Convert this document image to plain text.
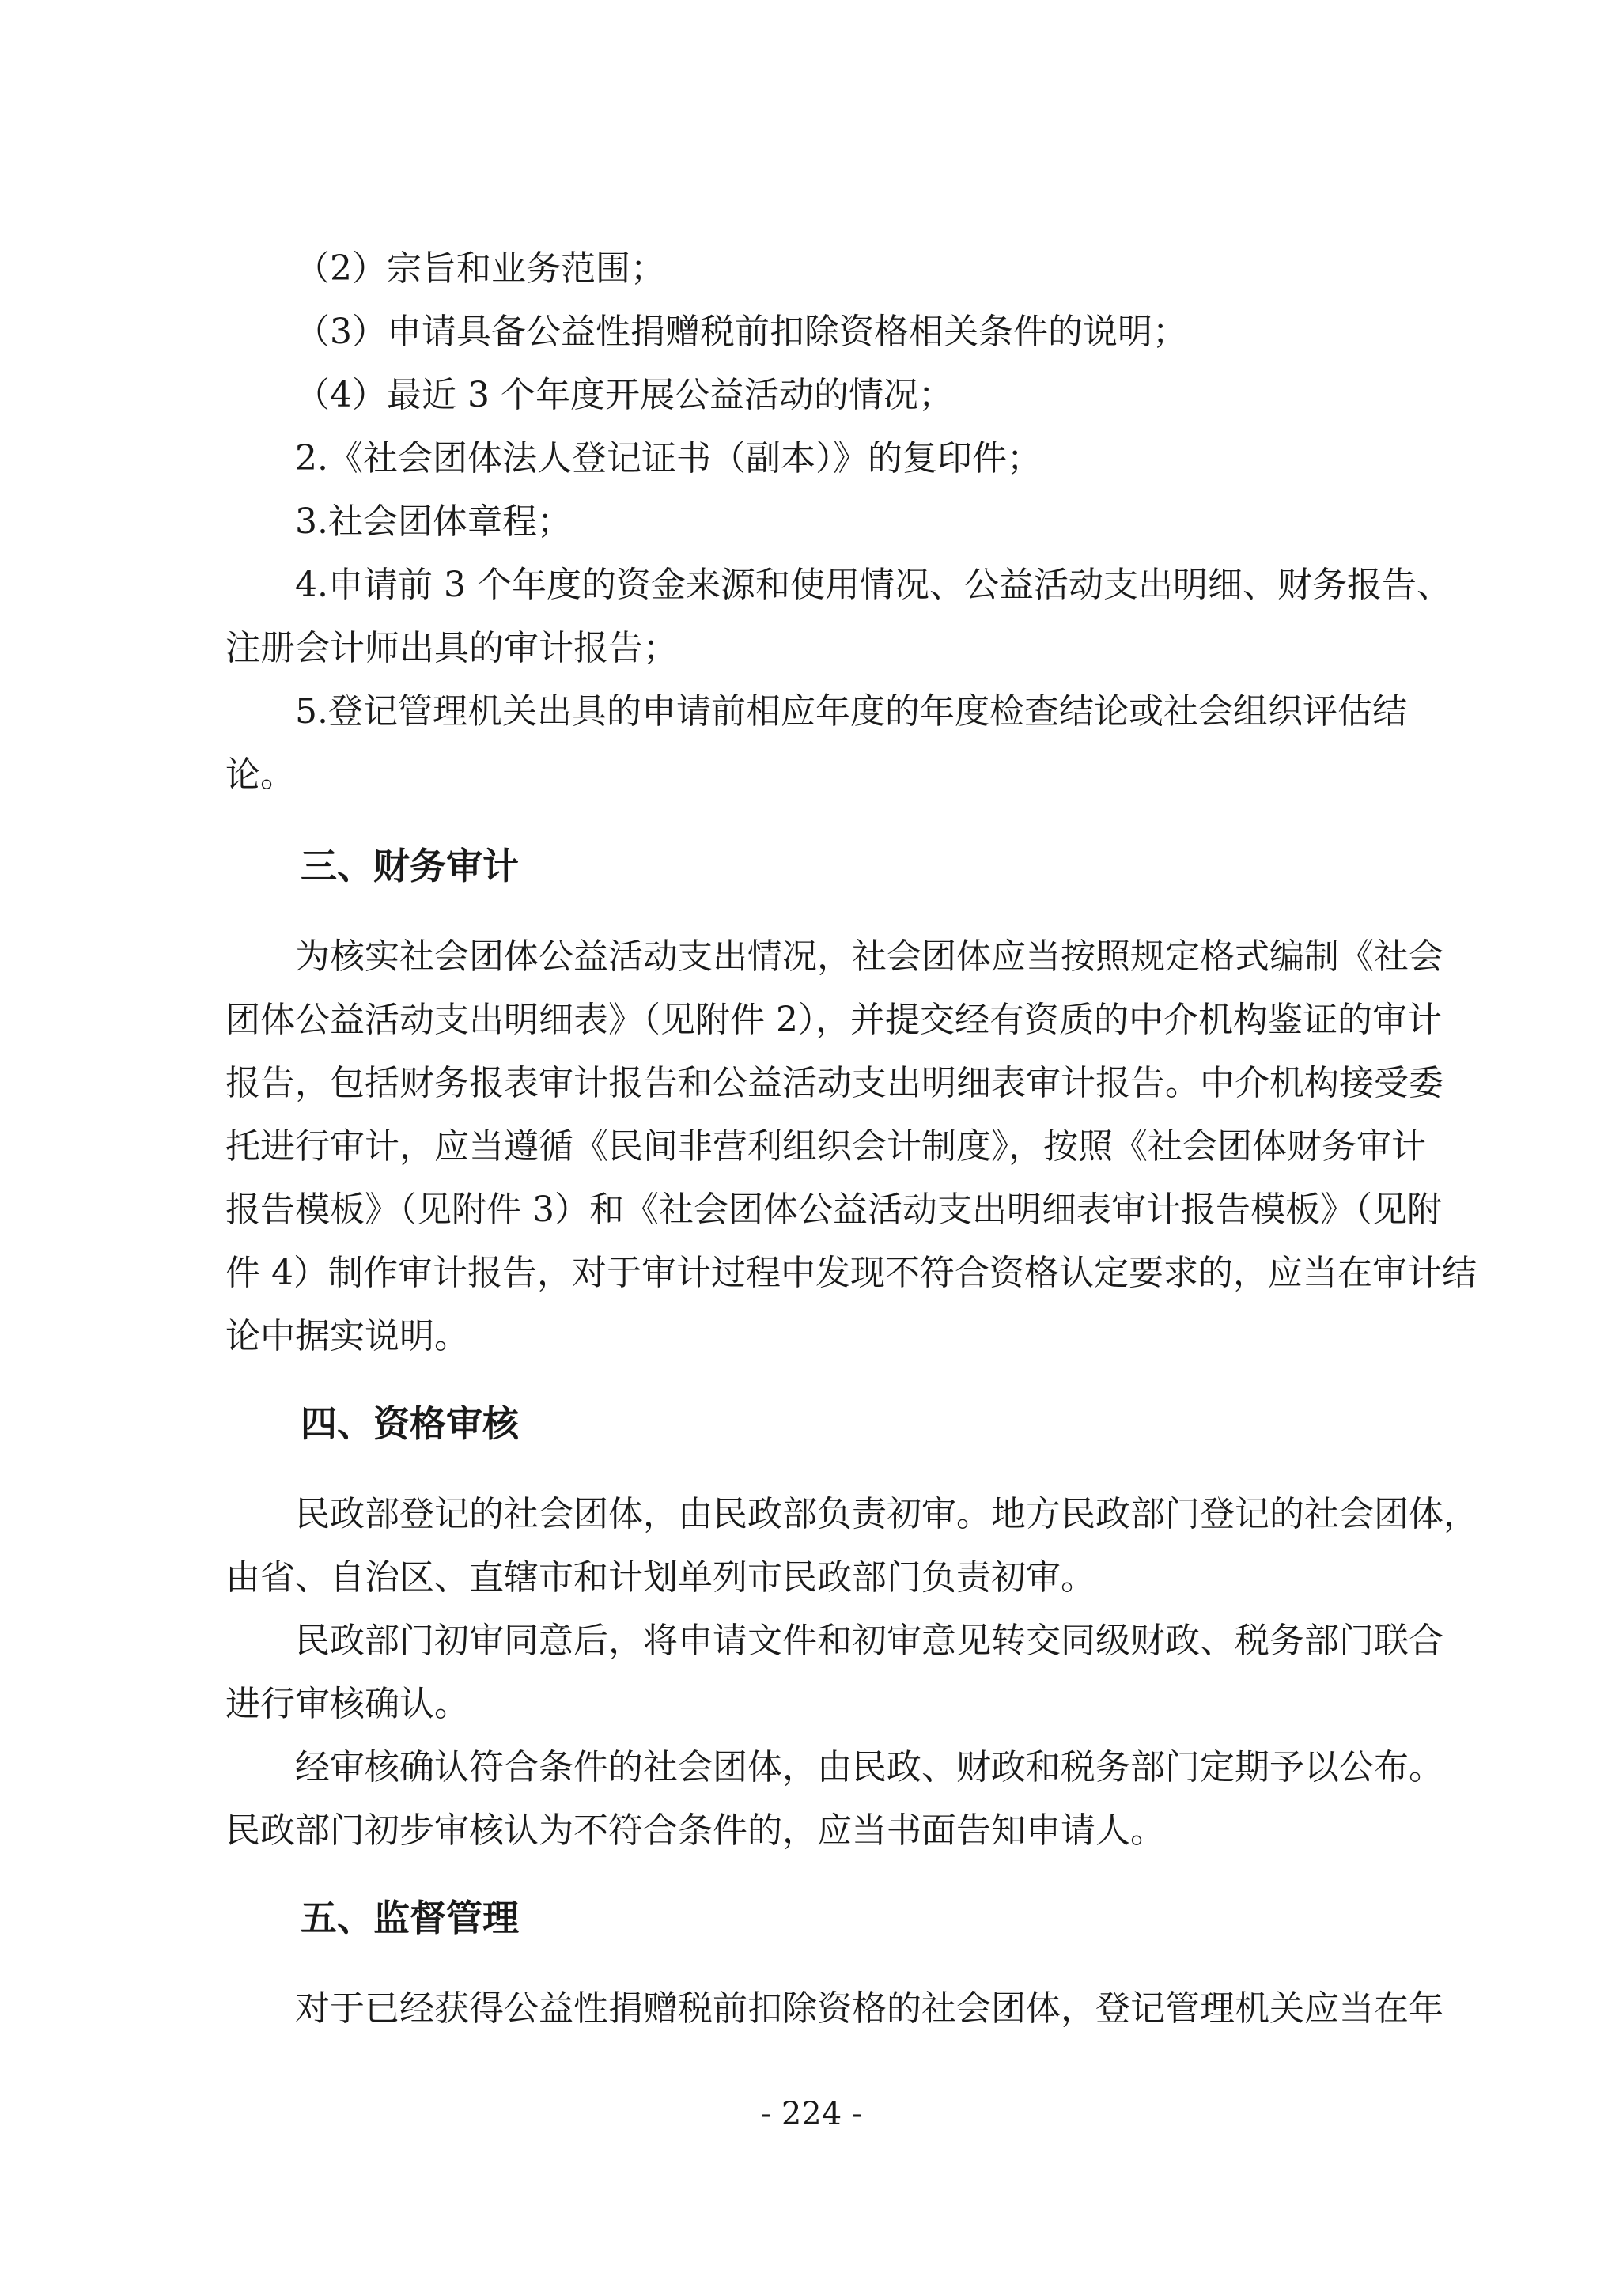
（2）宗旨和业务范围；
（3）申请具备公益性捐赠税前扣除资格相关条件的说明；
（4）最近 3 个年度开展公益活动的情况；
2.《社会团体法人登记证书（副本）》的复印件；
3.社会团体章程；
4.申请前 3 个年度的资金来源和使用情况、公益活动支出明细、财务报告、
注册会计师出具的审计报告；
5.登记管理机关出具的申请前相应年度的年度检查结论或社会组织评估结
论。
三、财务审计
为核实社会团体公益活动支出情况，社会团体应当按照规定格式编制《社会
团体公益活动支出明细表》（见附件 2），并提交经有资质的中介机构鉴证的审计
报告，包括财务报表审计报告和公益活动支出明细表审计报告。中介机构接受委
托进行审计，应当遵循《民间非营利组织会计制度》，按照《社会团体财务审计
报告模板》（见附件 3）和《社会团体公益活动支出明细表审计报告模板》（见附
件 4）制作审计报告，对于审计过程中发现不符合资格认定要求的，应当在审计结
论中据实说明。
四、资格审核
民政部登记的社会团体，由民政部负责初审。地方民政部门登记的社会团体，
由省、自治区、直辖市和计划单列市民政部门负责初审。
民政部门初审同意后，将申请文件和初审意见转交同级财政、税务部门联合
进行审核确认。
经审核确认符合条件的社会团体，由民政、财政和税务部门定期予以公布。
民政部门初步审核认为不符合条件的，应当书面告知申请人。
五、监督管理
对于已经获得公益性捐赠税前扣除资格的社会团体，登记管理机关应当在年
- 224 -
